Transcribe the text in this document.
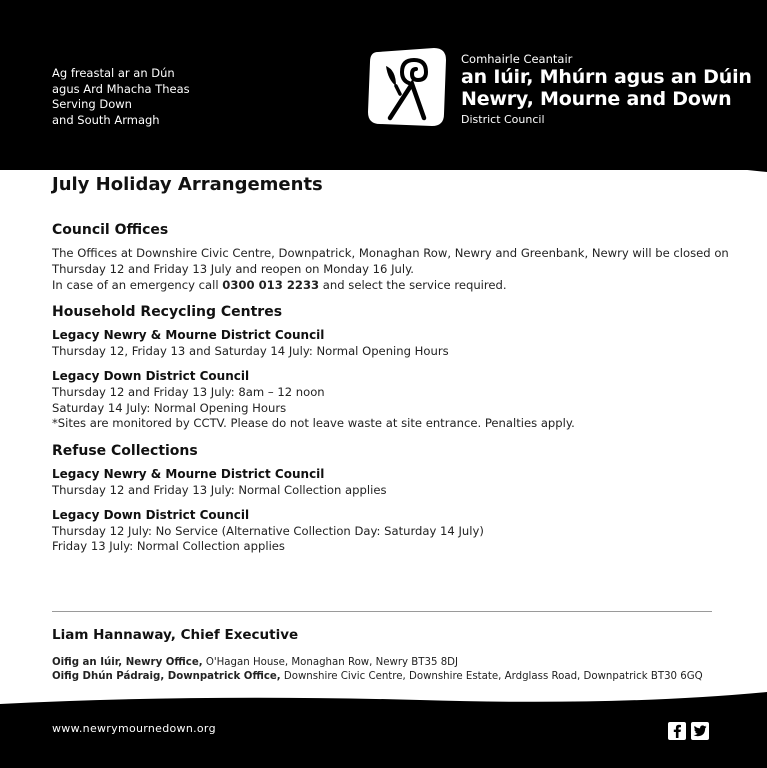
Ag freastal ar an Dún
agus Ard Mhacha Theas
Serving Down
and South Armagh
Comhairle Ceantair
an Iúir, Mhúrn agus an Dúin
Newry, Mourne and Down
District Council
July Holiday Arrangements
Council Offices
The Offices at Downshire Civic Centre, Downpatrick, Monaghan Row, Newry and Greenbank, Newry will be closed on
Thursday 12 and Friday 13 July and reopen on Monday 16 July.
In case of an emergency call 0300 013 2233 and select the service required.
Household Recycling Centres
Legacy Newry & Mourne District Council
Thursday 12, Friday 13 and Saturday 14 July: Normal Opening Hours
Legacy Down District Council
Thursday 12 and Friday 13 July: 8am – 12 noon
Saturday 14 July: Normal Opening Hours
*Sites are monitored by CCTV. Please do not leave waste at site entrance. Penalties apply.
Refuse Collections
Legacy Newry & Mourne District Council
Thursday 12 and Friday 13 July: Normal Collection applies
Legacy Down District Council
Thursday 12 July: No Service (Alternative Collection Day: Saturday 14 July)
Friday 13 July: Normal Collection applies
Liam Hannaway, Chief Executive
Oifig an Iúir, Newry Office, O'Hagan House, Monaghan Row, Newry BT35 8DJ
Oifig Dhún Pádraig, Downpatrick Office, Downshire Civic Centre, Downshire Estate, Ardglass Road, Downpatrick BT30 6GQ
www.newrymournedown.org
